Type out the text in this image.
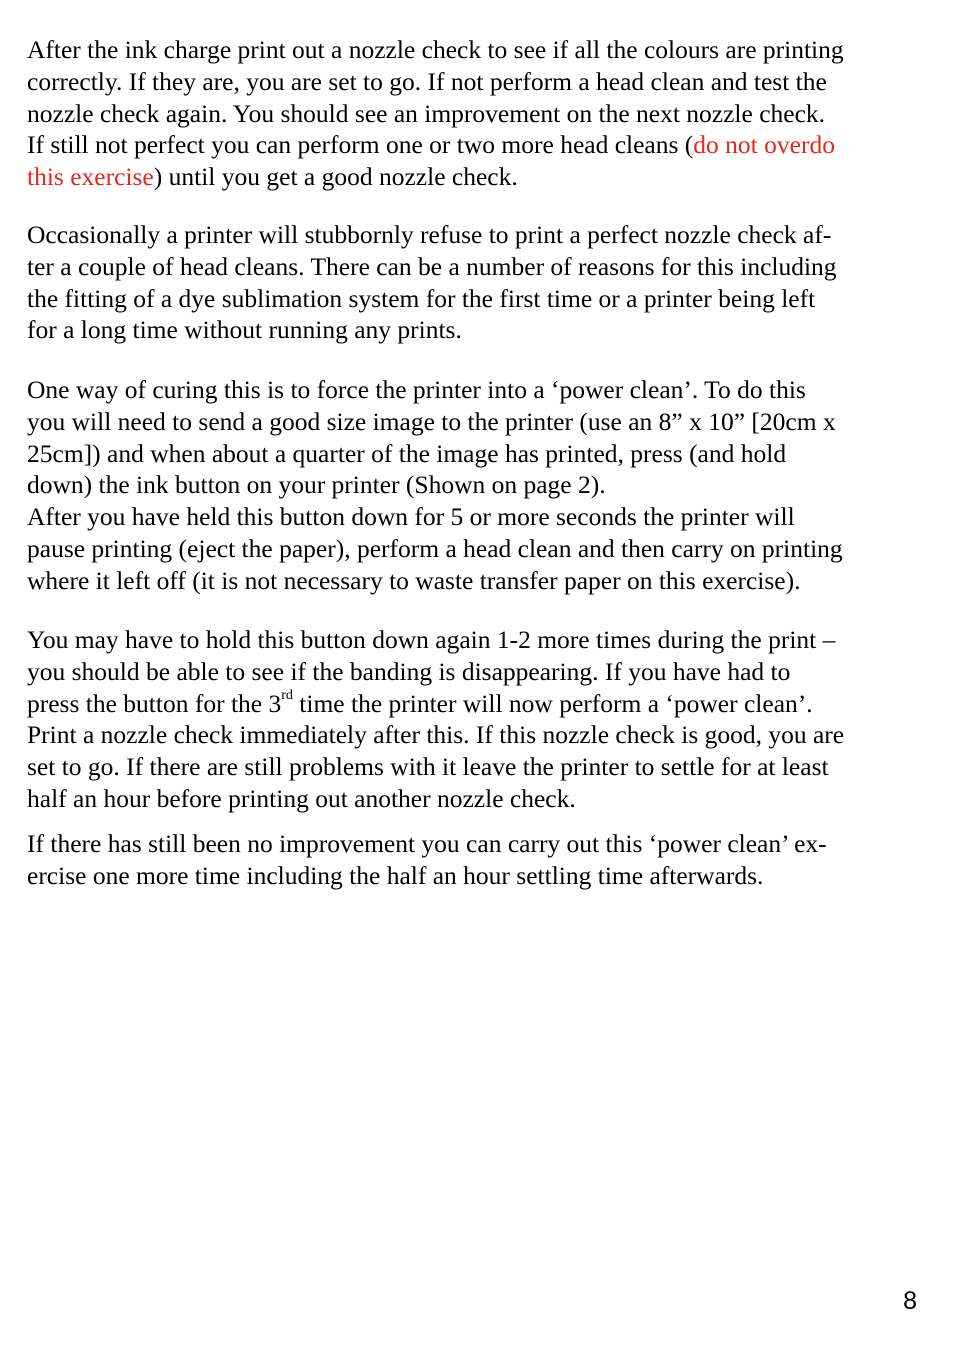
After the ink charge print out a nozzle check to see if all the colours are printing
correctly. If they are, you are set to go. If not perform a head clean and test the
nozzle check again. You should see an improvement on the next nozzle check.
If still not perfect you can perform one or two more head cleans (do not overdo
this exercise) until you get a good nozzle check.

Occasionally a printer will stubbornly refuse to print a perfect nozzle check af-
ter a couple of head cleans. There can be a number of reasons for this including
the fitting of a dye sublimation system for the first time or a printer being left
for a long time without running any prints.

One way of curing this is to force the printer into a ‘power clean’. To do this
you will need to send a good size image to the printer (use an 8” x 10” [20cm x
25cm]) and when about a quarter of the image has printed, press (and hold
down) the ink button on your printer (Shown on page 2).
After you have held this button down for 5 or more seconds the printer will
pause printing (eject the paper), perform a head clean and then carry on printing
where it left off (it is not necessary to waste transfer paper on this exercise).

You may have to hold this button down again 1-2 more times during the print –
you should be able to see if the banding is disappearing. If you have had to
press the button for the 3rd time the printer will now perform a ‘power clean’.
Print a nozzle check immediately after this. If this nozzle check is good, you are
set to go. If there are still problems with it leave the printer to settle for at least
half an hour before printing out another nozzle check.

If there has still been no improvement you can carry out this ‘power clean’ ex-
ercise one more time including the half an hour settling time afterwards.

8
